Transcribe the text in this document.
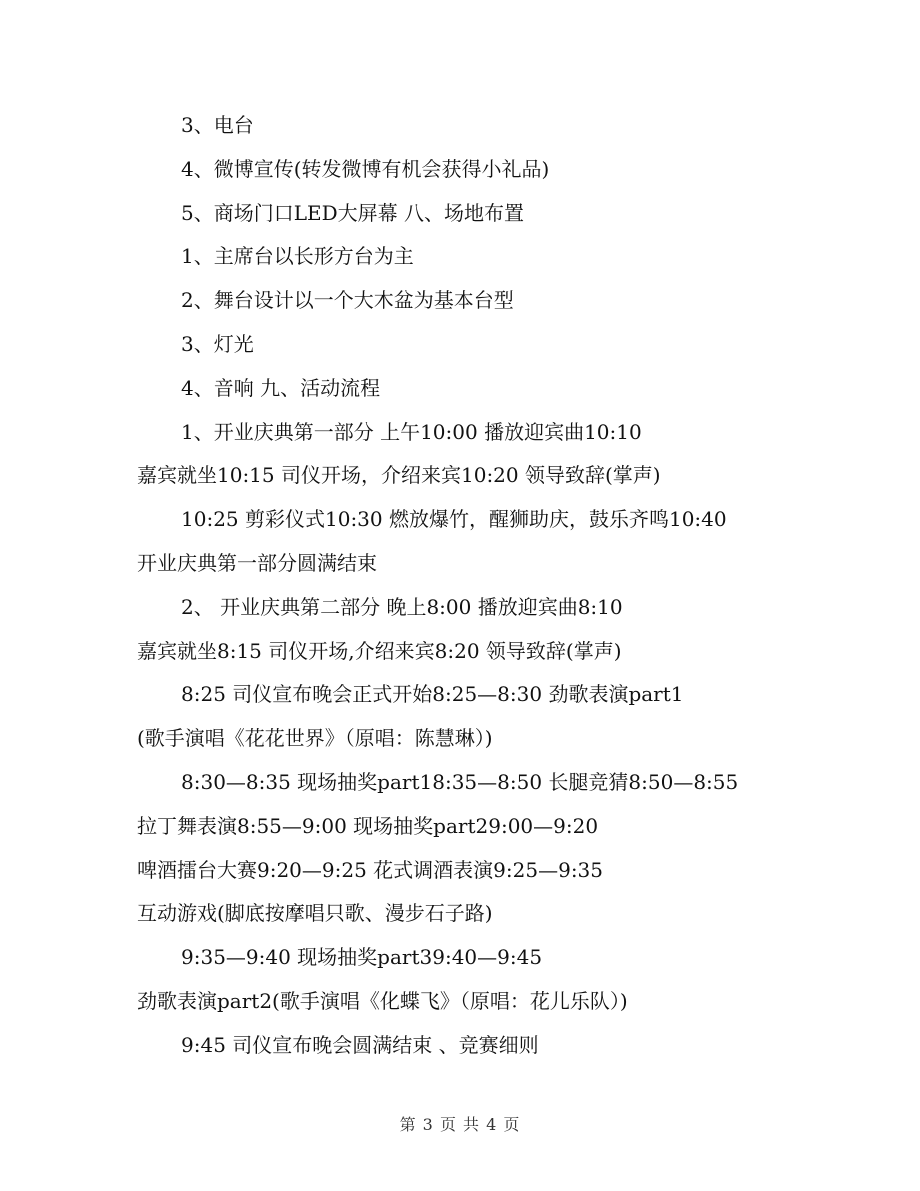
3、电台
4、微博宣传(转发微博有机会获得小礼品)
5、商场门口LED大屏幕 八、场地布置
1、主席台以长形方台为主
2、舞台设计以一个大木盆为基本台型
3、灯光
4、音响 九、活动流程
1、开业庆典第一部分 上午10:00 播放迎宾曲10:10
嘉宾就坐10:15 司仪开场，介绍来宾10:20 领导致辞(掌声)
10:25 剪彩仪式10:30 燃放爆竹，醒狮助庆，鼓乐齐鸣10:40
开业庆典第一部分圆满结束
2、 开业庆典第二部分 晚上8:00 播放迎宾曲8:10
嘉宾就坐8:15 司仪开场,介绍来宾8:20 领导致辞(掌声)
8:25 司仪宣布晚会正式开始8:25—8:30 劲歌表演part1
(歌手演唱《花花世界》（原唱：陈慧琳）)
8:30—8:35 现场抽奖part18:35—8:50 长腿竞猜8:50—8:55
拉丁舞表演8:55—9:00 现场抽奖part29:00—9:20
啤酒擂台大赛9:20—9:25 花式调酒表演9:25—9:35
互动游戏(脚底按摩唱只歌、漫步石子路)
9:35—9:40 现场抽奖part39:40—9:45
劲歌表演part2(歌手演唱《化蝶飞》（原唱：花儿乐队）)
9:45 司仪宣布晚会圆满结束 、竞赛细则
第 3 页 共 4 页
